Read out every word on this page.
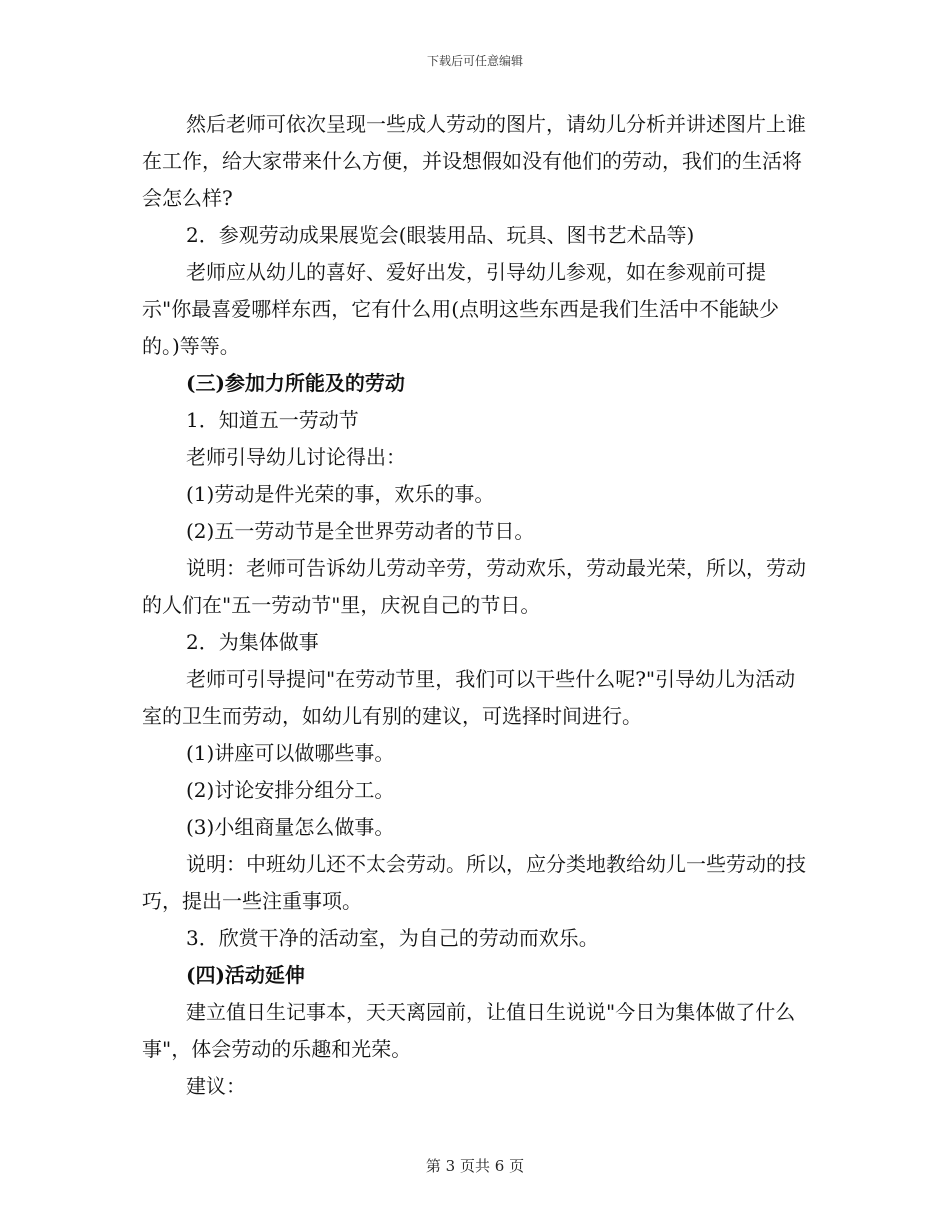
下载后可任意编辑

然后老师可依次呈现一些成人劳动的图片，请幼儿分析并讲述图片上谁在工作，给大家带来什么方便，并设想假如没有他们的劳动，我们的生活将会怎么样?

2．参观劳动成果展览会(眼装用品、玩具、图书艺术品等)

老师应从幼儿的喜好、爱好出发，引导幼儿参观，如在参观前可提示"你最喜爱哪样东西，它有什么用(点明这些东西是我们生活中不能缺少的。)等等。

(三)参加力所能及的劳动

1．知道五一劳动节

老师引导幼儿讨论得出：

(1)劳动是件光荣的事，欢乐的事。

(2)五一劳动节是全世界劳动者的节日。

说明：老师可告诉幼儿劳动辛劳，劳动欢乐，劳动最光荣，所以，劳动的人们在"五一劳动节"里，庆祝自己的节日。

2．为集体做事

老师可引导提问"在劳动节里，我们可以干些什么呢?"引导幼儿为活动室的卫生而劳动，如幼儿有别的建议，可选择时间进行。

(1)讲座可以做哪些事。

(2)讨论安排分组分工。

(3)小组商量怎么做事。

说明：中班幼儿还不太会劳动。所以，应分类地教给幼儿一些劳动的技巧，提出一些注重事项。

3．欣赏干净的活动室，为自己的劳动而欢乐。

(四)活动延伸

建立值日生记事本，天天离园前，让值日生说说"今日为集体做了什么事"，体会劳动的乐趣和光荣。

建议：

第 3 页共 6 页
